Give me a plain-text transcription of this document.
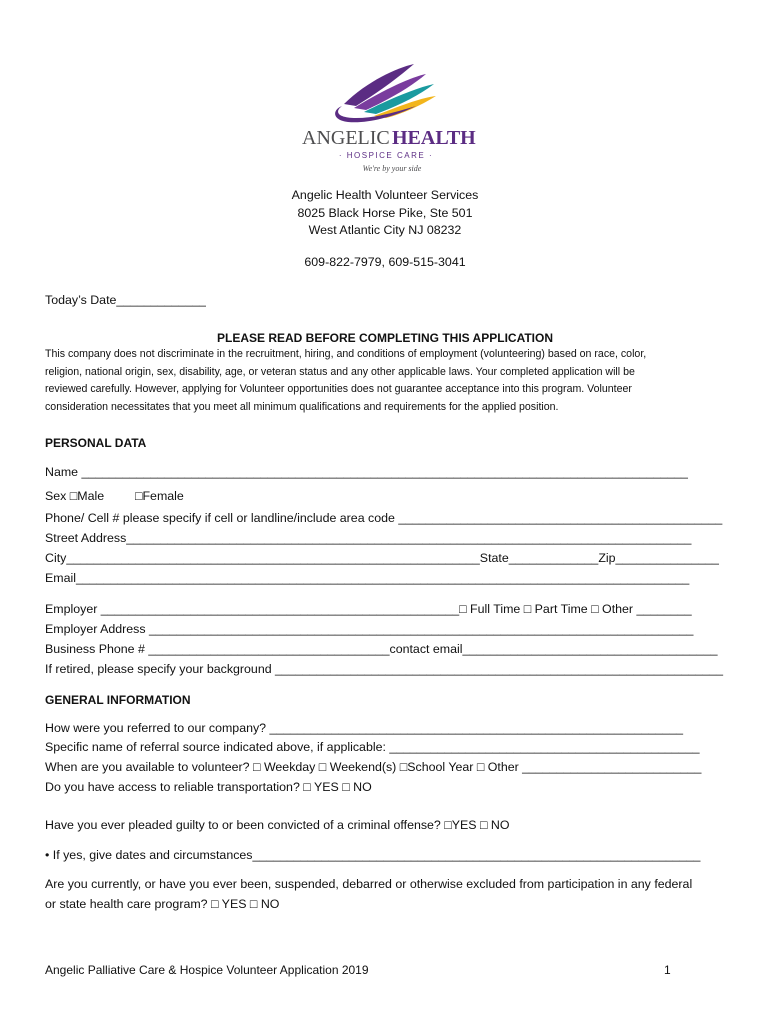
ANGELIC HEALTH
· HOSPICE CARE ·
We're by your side
Angelic Health Volunteer Services
8025 Black Horse Pike, Ste 501
West Atlantic City NJ 08232
609-822-7979, 609-515-3041
Today’s Date_____________
PLEASE READ BEFORE COMPLETING THIS APPLICATION
This company does not discriminate in the recruitment, hiring, and conditions of employment (volunteering) based on race, color,
religion, national origin, sex, disability, age, or veteran status and any other applicable laws. Your completed application will be
reviewed carefully. However, applying for Volunteer opportunities does not guarantee acceptance into this program. Volunteer
consideration necessitates that you meet all minimum qualifications and requirements for the applied position.
PERSONAL DATA
Name ________________________________________________________________________________________
Sex □Male □Female
Phone/ Cell # please specify if cell or landline/include area code _______________________________________________
Street Address__________________________________________________________________________________
City____________________________________________________________State_____________Zip_______________
Email_________________________________________________________________________________________
Employer ____________________________________________________□ Full Time □ Part Time □ Other ________
Employer Address _______________________________________________________________________________
Business Phone # ___________________________________contact email_____________________________________
If retired, please specify your background _________________________________________________________________
GENERAL INFORMATION
How were you referred to our company? ____________________________________________________________
Specific name of referral source indicated above, if applicable: _____________________________________________
When are you available to volunteer? □ Weekday □ Weekend(s) □School Year □ Other __________________________
Do you have access to reliable transportation? □ YES □ NO
Have you ever pleaded guilty to or been convicted of a criminal offense? □YES □ NO
• If yes, give dates and circumstances_________________________________________________________________
Are you currently, or have you ever been, suspended, debarred or otherwise excluded from participation in any federal
or state health care program? □ YES □ NO
Angelic Palliative Care & Hospice Volunteer Application 2019	1
